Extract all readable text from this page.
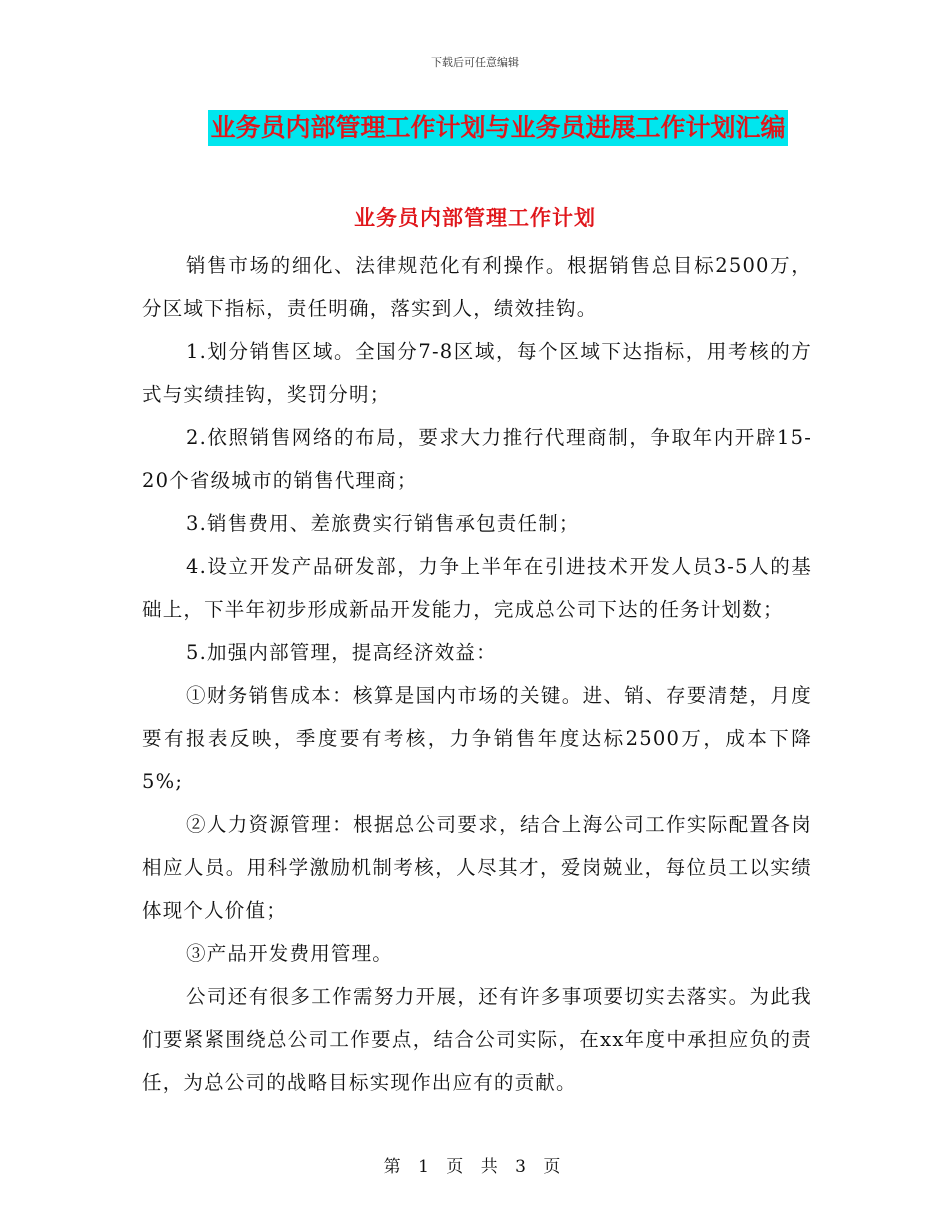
下载后可任意编辑
业务员内部管理工作计划与业务员进展工作计划汇编
业务员内部管理工作计划

销售市场的细化、法律规范化有利操作。根据销售总目标2500万，分区域下指标，责任明确，落实到人，绩效挂钩。

1.划分销售区域。全国分7-8区域，每个区域下达指标，用考核的方式与实绩挂钩，奖罚分明；

2.依照销售网络的布局，要求大力推行代理商制，争取年内开辟15-20个省级城市的销售代理商；

3.销售费用、差旅费实行销售承包责任制；

4.设立开发产品研发部，力争上半年在引进技术开发人员3-5人的基础上，下半年初步形成新品开发能力，完成总公司下达的任务计划数；

5.加强内部管理，提高经济效益：

①财务销售成本：核算是国内市场的关键。进、销、存要清楚，月度要有报表反映，季度要有考核，力争销售年度达标2500万，成本下降5%;

②人力资源管理：根据总公司要求，结合上海公司工作实际配置各岗相应人员。用科学激励机制考核，人尽其才，爱岗兢业，每位员工以实绩体现个人价值；

③产品开发费用管理。

公司还有很多工作需努力开展，还有许多事项要切实去落实。为此我们要紧紧围绕总公司工作要点，结合公司实际，在xx年度中承担应负的责任，为总公司的战略目标实现作出应有的贡献。

第 1 页 共 3 页
